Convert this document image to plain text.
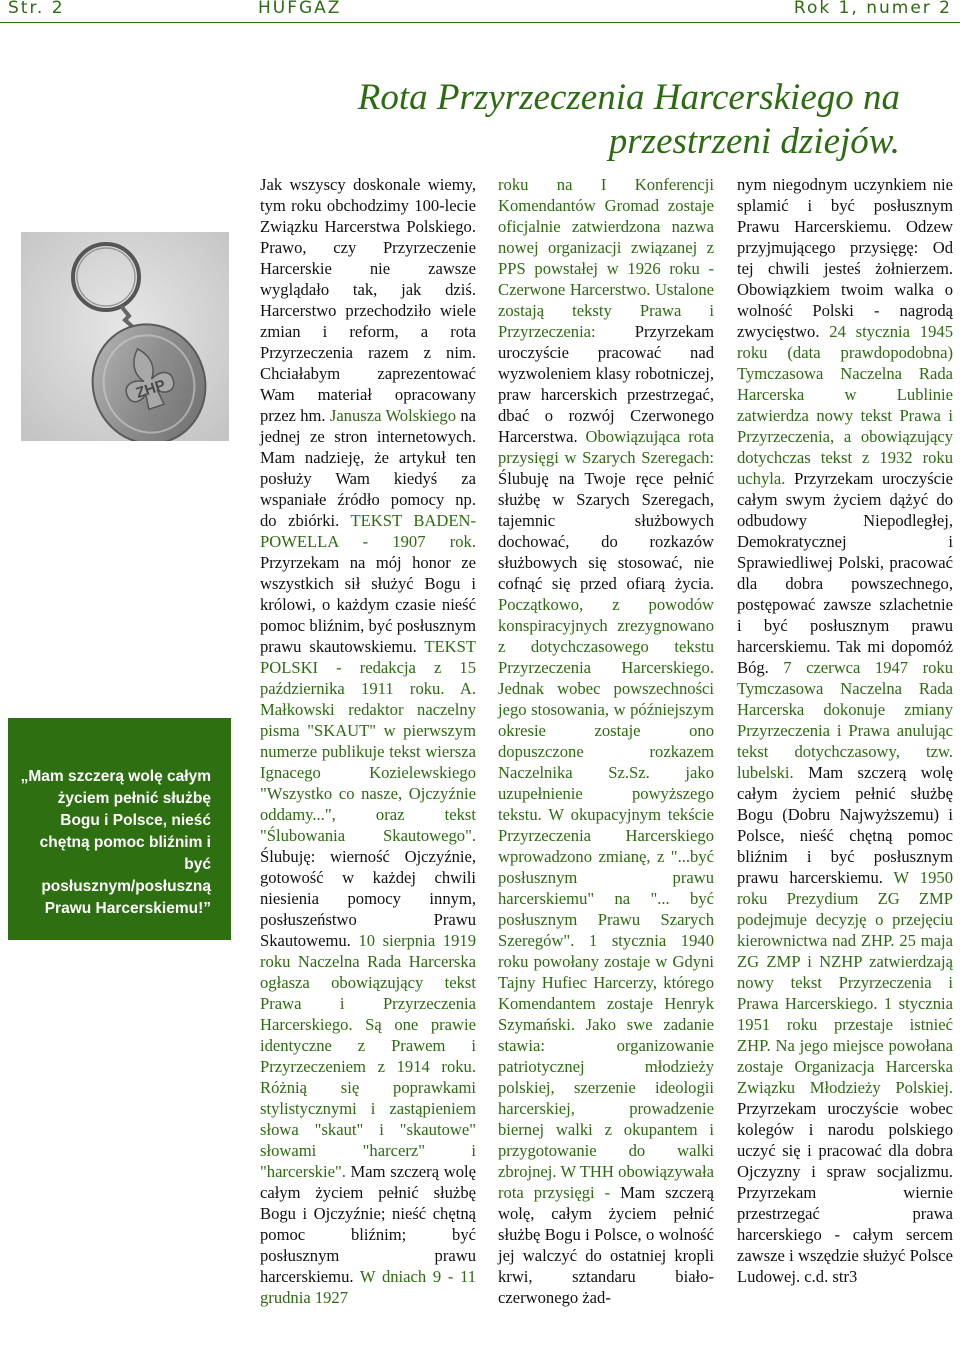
Str. 2	HUFGAZ	Rok 1, numer 2
Rota Przyrzeczenia Harcerskiego na przestrzeni dziejów.
ZHP
„Mam szczerą wolę całym życiem pełnić służbę Bogu i Polsce, nieść chętną pomoc bliźnim i być posłusznym/posłuszną Prawu Harcerskiemu!”
Jak wszyscy doskonale wiemy, tym roku obchodzimy 100-lecie Związku Harcerstwa Polskiego. Prawo, czy Przyrzeczenie Harcerskie nie zawsze wyglądało tak, jak dziś. Harcerstwo przechodziło wiele zmian i reform, a rota Przyrzeczenia razem z nim. Chciałabym zaprezentować Wam materiał opracowany przez hm. Janusza Wolskiego na jednej ze stron internetowych. Mam nadzieję, że artykuł ten posłuży Wam kiedyś za wspaniałe źródło pomocy np. do zbiórki. TEKST BADEN-POWELLA - 1907 rok. Przyrzekam na mój honor ze wszystkich sił służyć Bogu i królowi, o każdym czasie nieść pomoc bliźnim, być posłusznym prawu skautowskiemu. TEKST POLSKI - redakcja z 15 października 1911 roku. A. Małkowski redaktor naczelny pisma "SKAUT" w pierwszym numerze publikuje tekst wiersza Ignacego Kozielewskiego "Wszystko co nasze, Ojczyźnie oddamy...", oraz tekst "Ślubowania Skautowego". Ślubuję: wierność Ojczyźnie, gotowość w każdej chwili niesienia pomocy innym, posłuszeństwo Prawu Skautowemu. 10 sierpnia 1919 roku Naczelna Rada Harcerska ogłasza obowiązujący tekst Prawa i Przyrzeczenia Harcerskiego. Są one prawie identyczne z Prawem i Przyrzeczeniem z 1914 roku. Różnią się poprawkami stylistycznymi i zastąpieniem słowa "skaut" i "skautowe" słowami "harcerz" i "harcerskie". Mam szczerą wolę całym życiem pełnić służbę Bogu i Ojczyźnie; nieść chętną pomoc bliźnim; być posłusznym prawu harcerskiemu. W dniach 9 - 11 grudnia 1927
roku na I Konferencji Komendantów Gromad zostaje oficjalnie zatwierdzona nazwa nowej organizacji związanej z PPS powstałej w 1926 roku - Czerwone Harcerstwo. Ustalone zostają teksty Prawa i Przyrzeczenia: Przyrzekam uroczyście pracować nad wyzwoleniem klasy robotniczej, praw harcerskich przestrzegać, dbać o rozwój Czerwonego Harcerstwa. Obowiązująca rota przysięgi w Szarych Szeregach: Ślubuję na Twoje ręce pełnić służbę w Szarych Szeregach, tajemnic służbowych dochować, do rozkazów służbowych się stosować, nie cofnąć się przed ofiarą życia. Początkowo, z powodów konspiracyjnych zrezygnowano z dotychczasowego tekstu Przyrzeczenia Harcerskiego. Jednak wobec powszechności jego stosowania, w późniejszym okresie zostaje ono dopuszczone rozkazem Naczelnika Sz.Sz. jako uzupełnienie powyższego tekstu. W okupacyjnym tekście Przyrzeczenia Harcerskiego wprowadzono zmianę, z "...być posłusznym prawu harcerskiemu" na "... być posłusznym Prawu Szarych Szeregów". 1 stycznia 1940 roku powołany zostaje w Gdyni Tajny Hufiec Harcerzy, którego Komendantem zostaje Henryk Szymański. Jako swe zadanie stawia: organizowanie patriotycznej młodzieży polskiej, szerzenie ideologii harcerskiej, prowadzenie biernej walki z okupantem i przygotowanie do walki zbrojnej. W THH obowiązywała rota przysięgi - Mam szczerą wolę, całym życiem pełnić służbę Bogu i Polsce, o wolność jej walczyć do ostatniej kropli krwi, sztandaru biało-czerwonego żad-
nym niegodnym uczynkiem nie splamić i być posłusznym Prawu Harcerskiemu. Odzew przyjmującego przysięgę: Od tej chwili jesteś żołnierzem. Obowiązkiem twoim walka o wolność Polski - nagrodą zwycięstwo. 24 stycznia 1945 roku (data prawdopodobna) Tymczasowa Naczelna Rada Harcerska w Lublinie zatwierdza nowy tekst Prawa i Przyrzeczenia, a obowiązujący dotychczas tekst z 1932 roku uchyla. Przyrzekam uroczyście całym swym życiem dążyć do odbudowy Niepodległej, Demokratycznej i Sprawiedliwej Polski, pracować dla dobra powszechnego, postępować zawsze szlachetnie i być posłusznym prawu harcerskiemu. Tak mi dopomóż Bóg. 7 czerwca 1947 roku Tymczasowa Naczelna Rada Harcerska dokonuje zmiany Przyrzeczenia i Prawa anulując tekst dotychczasowy, tzw. lubelski. Mam szczerą wolę całym życiem pełnić służbę Bogu (Dobru Najwyższemu) i Polsce, nieść chętną pomoc bliźnim i być posłusznym prawu harcerskiemu. W 1950 roku Prezydium ZG ZMP podejmuje decyzję o przejęciu kierownictwa nad ZHP. 25 maja ZG ZMP i NZHP zatwierdzają nowy tekst Przyrzeczenia i Prawa Harcerskiego. 1 stycznia 1951 roku przestaje istnieć ZHP. Na jego miejsce powołana zostaje Organizacja Harcerska Związku Młodzieży Polskiej. Przyrzekam uroczyście wobec kolegów i narodu polskiego uczyć się i pracować dla dobra Ojczyzny i spraw socjalizmu. Przyrzekam wiernie przestrzegać prawa harcerskiego - całym sercem zawsze i wszędzie służyć Polsce Ludowej. c.d. str3
